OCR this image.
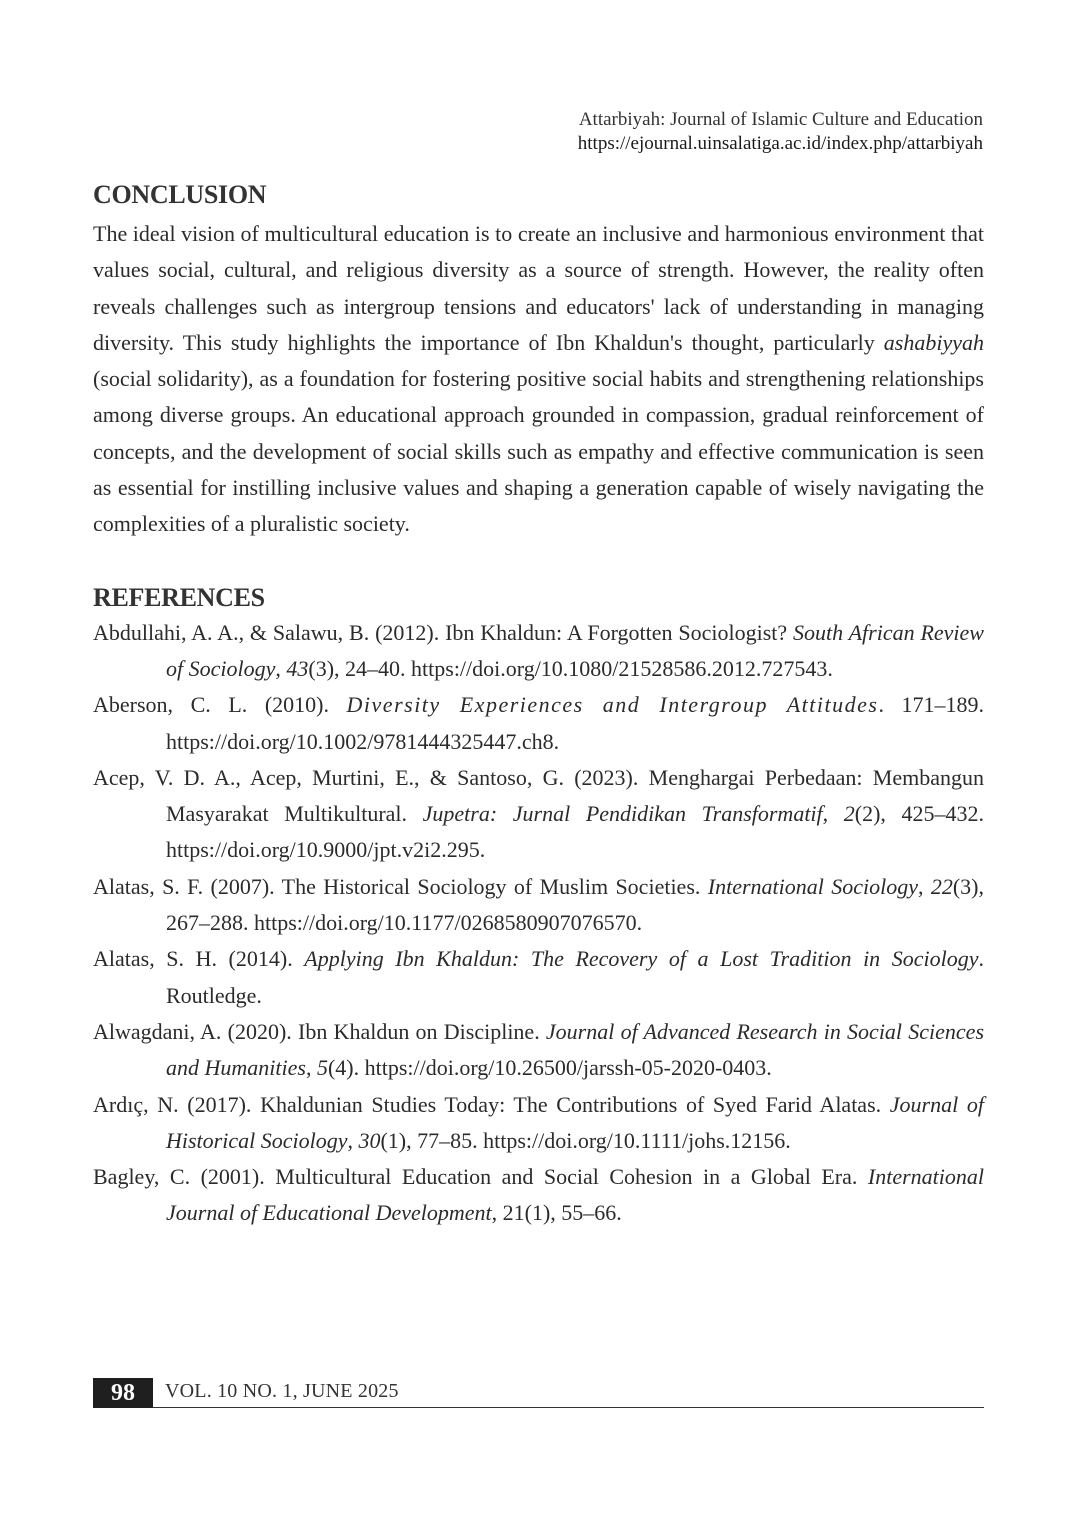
Attarbiyah: Journal of Islamic Culture and Education
https://ejournal.uinsalatiga.ac.id/index.php/attarbiyah
CONCLUSION

The ideal vision of multicultural education is to create an inclusive and harmonious environment that values social, cultural, and religious diversity as a source of strength. However, the reality often reveals challenges such as intergroup tensions and educators' lack of understanding in managing diversity. This study highlights the importance of Ibn Khaldun's thought, particularly ashabiyyah (social solidarity), as a foundation for fostering positive social habits and strengthening relationships among diverse groups. An educational approach grounded in compassion, gradual reinforcement of concepts, and the development of social skills such as empathy and effective communication is seen as essential for instilling inclusive values and shaping a generation capable of wisely navigating the complexities of a pluralistic society.

REFERENCES
Abdullahi, A. A., & Salawu, B. (2012). Ibn Khaldun: A Forgotten Sociologist? South African Review of Sociology, 43(3), 24–40. https://doi.org/10.1080/21528586.2012.727543.
Aberson, C. L. (2010). Diversity Experiences and Intergroup Attitudes. 171–189. https://doi.org/10.1002/9781444325447.ch8.
Acep, V. D. A., Acep, Murtini, E., & Santoso, G. (2023). Menghargai Perbedaan: Membangun Masyarakat Multikultural. Jupetra: Jurnal Pendidikan Transformatif, 2(2), 425–432. https://doi.org/10.9000/jpt.v2i2.295.
Alatas, S. F. (2007). The Historical Sociology of Muslim Societies. International Sociology, 22(3), 267–288. https://doi.org/10.1177/0268580907076570.
Alatas, S. H. (2014). Applying Ibn Khaldun: The Recovery of a Lost Tradition in Sociology. Routledge.
Alwagdani, A. (2020). Ibn Khaldun on Discipline. Journal of Advanced Research in Social Sciences and Humanities, 5(4). https://doi.org/10.26500/jarssh-05-2020-0403.
Ardıç, N. (2017). Khaldunian Studies Today: The Contributions of Syed Farid Alatas. Journal of Historical Sociology, 30(1), 77–85. https://doi.org/10.1111/johs.12156.
Bagley, C. (2001). Multicultural Education and Social Cohesion in a Global Era. International Journal of Educational Development, 21(1), 55–66.
98	VOL. 10 NO. 1, JUNE 2025
